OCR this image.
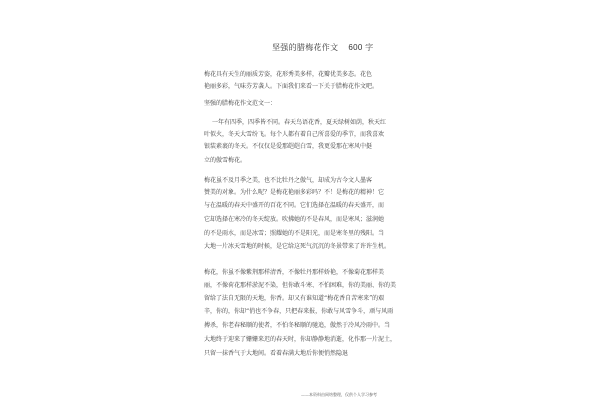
坚强的腊梅花作文 600 字
梅花具有天生的丽质芳姿，花形秀美多样，花瓣优美多态。花色
艳丽多彩，气味芬芳袭人。下面我们来看一下关于腊梅花作文吧。
坚强的腊梅花作文范文一：
一年有四季，四季皆不同。春天鸟语花香，夏天绿树如荫，秋天红
叶似火，冬天大雪纷飞。每个人都有着自己所喜爱的季节，而我喜欢
银装素裹的冬天。不仅仅是爱那皑皑白雪，我更爱那在寒风中挺
立的傲雪梅花。
梅花虽不及月季之美，也不比牡丹之傲气，却成为古今文人墨客
赞美的对象。为什么呢？是梅花艳丽多彩吗？不！是梅花的精神！它
与在温暖的春天中盛开的百花不同。它们选择在温暖的春天盛开，而
它却选择在寒冷的冬天绽放。吹拂她的不是春风，而是寒风；滋润她
的不是雨水，而是冰雪；照耀她的不是阳光，而是寒冬里的残阳。当
大地一片冰天雪地的时候，是它给这死气沉沉的冬景带来了许许生机。
梅花，你虽不像紫荆那样清香，不像牡丹那样娇艳，不像菊花那样美
丽，不像荷花那样淤泥不染，但你敢斗寒、不怕困难，你的美丽、你的美
留给了法自无限的天地，你香。却又有谁知道“梅花香自苦寒来”的艰
辛，你的，你却“俏也不争春，只把春来报，你敢与风雪争斗，顽与风雨
搏杀，你老春秘顺的使者，不怕冬秘顺的驰追，傲然于冷风冷雨中。当
大地终于迎来了姗姗来迟的春天时，你却静静地消逝，化作那一片泥土，
只留一抹香气于大地间。看着春满大地后你便悄然隐退
——本资料由网络整理，仅供个人学习参考
